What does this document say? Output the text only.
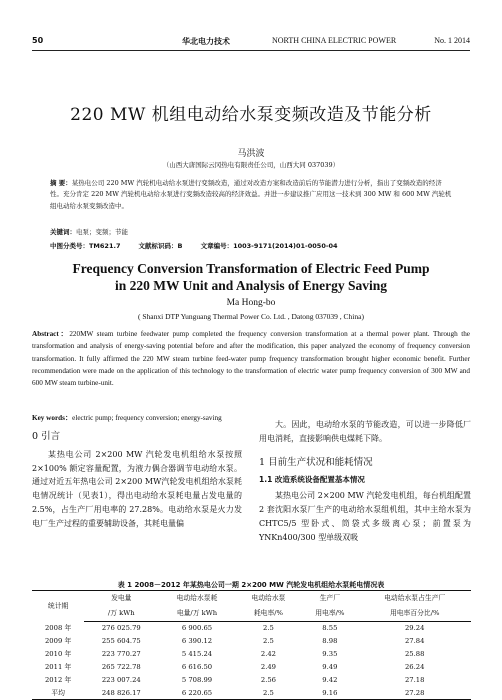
50	华北电力技术	NORTH CHINA ELECTRIC POWER	No. 1 2014
220 MW 机组电动给水泵变频改造及节能分析
马洪波
（山西大唐国际云冈热电有限责任公司，山西大同 037039）
摘 要：某热电公司 220 MW 汽轮机电动给水泵进行变频改造，通过对改造方案和改造前后的节能潜力进行分析，指出了变频改造的经济性。充分肯定 220 MW 汽轮机电动给水泵进行变频改造较高的经济效益。并进一步建议推广应用这一技术到 300 MW 和 600 MW 汽轮机组电动给水泵变频改造中。
关键词：电泵；变频；节能
中图分类号：TM621.7	文献标识码：B	文章编号：1003-9171(2014)01-0050-04
Frequency Conversion Transformation of Electric Feed Pump
in 220 MW Unit and Analysis of Energy Saving
Ma Hong-bo
( Shanxi DTP Yunguang Thermal Power Co. Ltd. , Datong 037039 , China)
Abstract：220MW steam turbine feedwater pump completed the frequency conversion transformation at a thermal power plant. Through the transformation and analysis of energy-saving potential before and after the modification, this paper analyzed the economy of frequency conversion transformation. It fully affirmed the 220 MW steam turbine feed-water pump frequency transformation brought higher economic benefit. Further recommendation were made on the application of this technology to the transformation of electric water pump frequency conversion of 300 MW and 600 MW steam turbine-unit.
Key words：electric pump; frequency conversion; energy-saving
0 引言

某热电公司 2×200 MW 汽轮发电机组给水泵按照 2×100% 额定容量配置，为液力偶合器调节电动给水泵。通过对近五年热电公司 2×200 MW汽轮发电机组给水泵耗电情况统计（见表1），得出电动给水泵耗电量占发电量的 2.5%，占生产厂用电率的 27.28%。电动给水泵是火力发电厂生产过程的重要辅助设备，其耗电量偏

大。因此，电动给水泵的节能改造，可以进一步降低厂用电消耗，直接影响供电煤耗下降。

1 目前生产状况和能耗情况
1.1 改造系统设备配置基本情况

某热电公司 2×200 MW 汽轮发电机组，每台机组配置 2 套沈阳水泵厂生产的电动给水泵组机组，其中主给水泵为 CHTC5/5 型卧式、筒袋式多级离心泵；前置泵为 YNKn400/300 型单级双吸

表 1 2008－2012 年某热电公司一期 2×200 MW 汽轮发电机组给水泵耗电情况表
统计期	发电量	电动给水泵耗	电动给水泵	生产厂	电动给水泵占生产厂
	/万 kWh	电量/万 kWh	耗电率/%	用电率/%	用电率百分比/%
2008 年	276 025.79	6 900.65	2.5	8.55	29.24
2009 年	255 604.75	6 390.12	2.5	8.98	27.84
2010 年	223 770.27	5 415.24	2.42	9.35	25.88
2011 年	265 722.78	6 616.50	2.49	9.49	26.24
2012 年	223 007.24	5 708.99	2.56	9.42	27.18
平均	248 826.17	6 220.65	2.5	9.16	27.28
